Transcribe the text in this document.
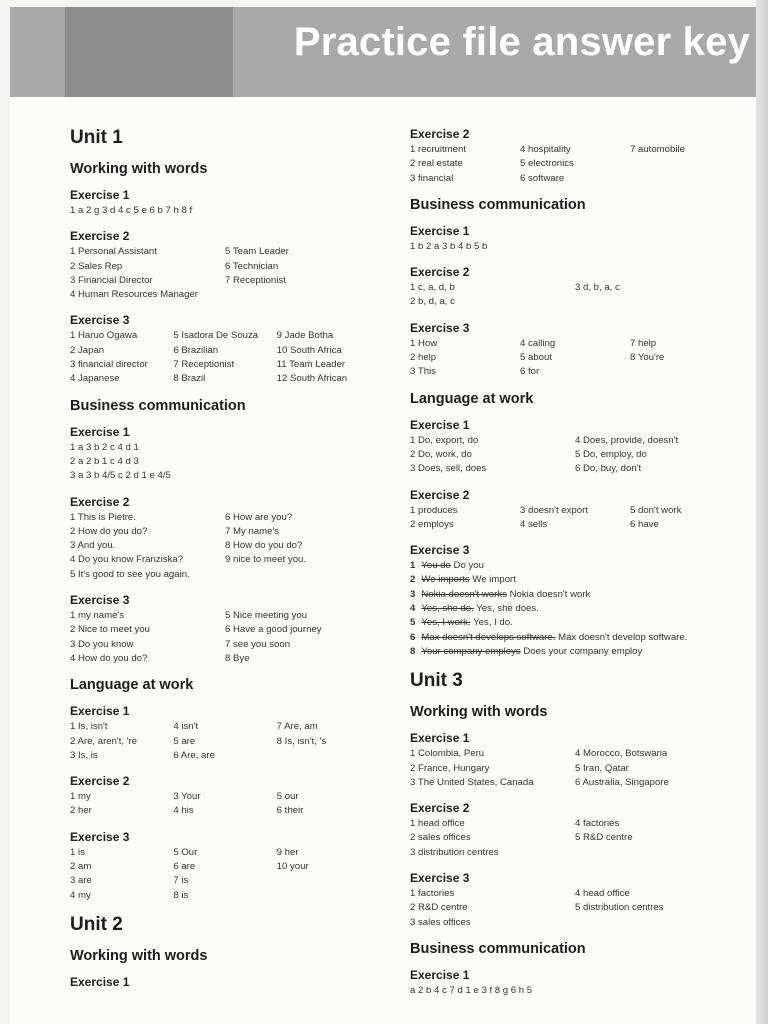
Practice file answer key
Unit 1
Working with words
Exercise 1
1 a 2 g 3 d 4 c 5 e 6 b 7 h 8 f
Exercise 2
1 Personal Assistant
2 Sales Rep
3 Financial Director
4 Human Resources Manager
5 Team Leader
6 Technician
7 Receptionist
Exercise 3
1 Haruo Ogawa
2 Japan
3 financial director
4 Japanese
5 Isadora De Souza
6 Brazilian
7 Receptionist
8 Brazil
9 Jade Botha
10 South Africa
11 Team Leader
12 South African
Business communication
Exercise 1
1 a 3 b 2 c 4 d 1
2 a 2 b 1 c 4 d 3
3 a 3 b 4/5 c 2 d 1 e 4/5
Exercise 2
1 This is Pietre.
2 How do you do?
3 And you.
4 Do you know Franziska?
5 It's good to see you again.
6 How are you?
7 My name's
8 How do you do?
9 nice to meet you.
Exercise 3
1 my name's
2 Nice to meet you
3 Do you know
4 How do you do?
5 Nice meeting you
6 Have a good journey
7 see you soon
8 Bye
Language at work
Exercise 1
1 Is, isn't
2 Are, aren't, 're
3 Is, is
4 isn't
5 are
6 Are, are
7 Are, am
8 Is, isn't, 's
Exercise 2
1 my
2 her
3 Your
4 his
5 our
6 their
Exercise 3
1 is
2 am
3 are
4 my
5 Our
6 are
7 is
8 is
9 her
10 your
Unit 2
Working with words
Exercise 1
Exercise 2
1 recruitment
2 real estate
3 financial
4 hospitality
5 electronics
6 software
7 automobile
Business communication
Exercise 1
1 b 2 a 3 b 4 b 5 b
Exercise 2
1 c, a, d, b
2 b, d, a, c
3 d, b, a, c
Exercise 3
1 How
2 help
3 This
4 calling
5 about
6 for
7 help
8 You're
Language at work
Exercise 1
1 Do, export, do
2 Do, work, do
3 Does, sell, does
4 Does, provide, doesn't
5 Do, employ, do
6 Do, buy, don't
Exercise 2
1 produces
2 employs
3 doesn't export
4 sells
5 don't work
6 have
Exercise 3
1 You do Do you
2 We imports We import
3 Nokia doesn't works Nokia doesn't work
4 Yes, she do. Yes, she does.
5 Yes, I work. Yes, I do.
6 Max doesn't develops software. Max doesn't develop software.
8 Your company employs Does your company employ
Unit 3
Working with words
Exercise 1
1 Colombia, Peru
2 France, Hungary
3 The United States, Canada
4 Morocco, Botswana
5 Iran, Qatar
6 Australia, Singapore
Exercise 2
1 head office
2 sales offices
3 distribution centres
4 factories
5 R&D centre
Exercise 3
1 factories
2 R&D centre
3 sales offices
4 head office
5 distribution centres
Business communication
Exercise 1
a 2 b 4 c 7 d 1 e 3 f 8 g 6 h 5
